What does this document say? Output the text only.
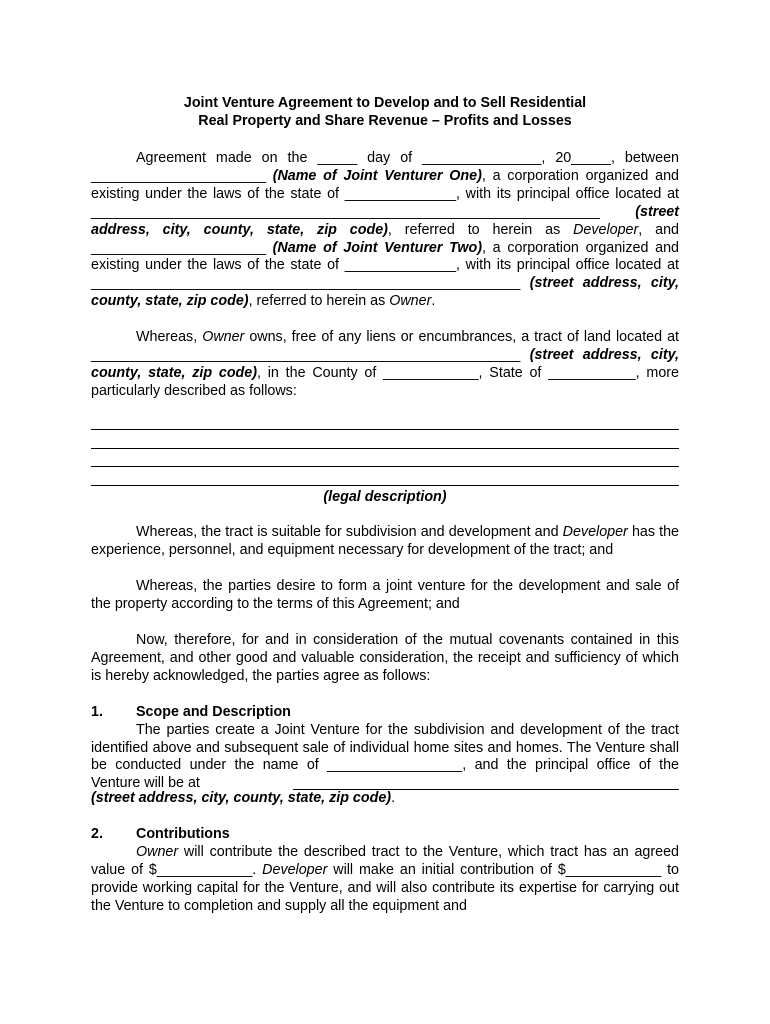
Joint Venture Agreement to Develop and to Sell Residential
Real Property and Share Revenue – Profits and Losses

Agreement made on the _____ day of _______________, 20_____, between ______________________ (Name of Joint Venturer One), a corporation organized and existing under the laws of the state of ______________, with its principal office located at ________________________________________________________________ (street address, city, county, state, zip code), referred to herein as Developer, and ______________________ (Name of Joint Venturer Two), a corporation organized and existing under the laws of the state of ______________, with its principal office located at ______________________________________________________ (street address, city, county, state, zip code), referred to herein as Owner.

Whereas, Owner owns, free of any liens or encumbrances, a tract of land located at ______________________________________________________ (street address, city, county, state, zip code), in the County of ____________, State of ___________, more particularly described as follows:

(legal description)

Whereas, the tract is suitable for subdivision and development and Developer has the experience, personnel, and equipment necessary for development of the tract; and

Whereas, the parties desire to form a joint venture for the development and sale of the property according to the terms of this Agreement; and

Now, therefore, for and in consideration of the mutual covenants contained in this Agreement, and other good and valuable consideration, the receipt and sufficiency of which is hereby acknowledged, the parties agree as follows:

1.	Scope and Description
The parties create a Joint Venture for the subdivision and development of the tract identified above and subsequent sale of individual home sites and homes. The Venture shall be conducted under the name of _________________, and the principal office of the Venture will be at
(street address, city, county, state, zip code).
2.	Contributions
Owner will contribute the described tract to the Venture, which tract has an agreed value of $____________. Developer will make an initial contribution of $____________ to provide working capital for the Venture, and will also contribute its expertise for carrying out the Venture to completion and supply all the equipment and
